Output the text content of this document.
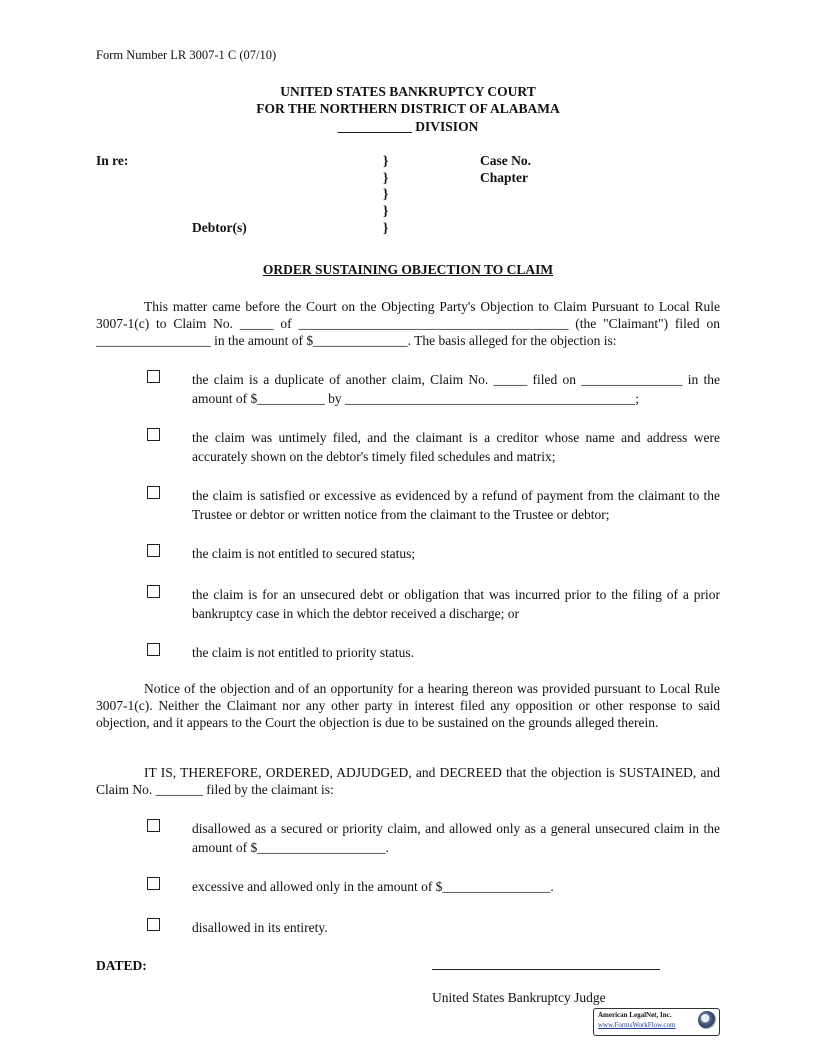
Form Number LR 3007-1 C (07/10)
UNITED STATES BANKRUPTCY COURT
FOR THE NORTHERN DISTRICT OF ALABAMA
___________ DIVISION
In re:
Debtor(s)
}
}
}
}
}
Case No.
Chapter
ORDER SUSTAINING OBJECTION TO CLAIM
This matter came before the Court on the Objecting Party's Objection to Claim Pursuant to Local Rule 3007-1(c) to Claim No. _____ of ________________________________________ (the "Claimant") filed on _________________ in the amount of $______________. The basis alleged for the objection is:
the claim is a duplicate of another claim, Claim No. _____ filed on _______________ in the amount of $__________ by ___________________________________________;
the claim was untimely filed, and the claimant is a creditor whose name and address were accurately shown on the debtor's timely filed schedules and matrix;
the claim is satisfied or excessive as evidenced by a refund of payment from the claimant to the Trustee or debtor or written notice from the claimant to the Trustee or debtor;
the claim is not entitled to secured status;
the claim is for an unsecured debt or obligation that was incurred prior to the filing of a prior bankruptcy case in which the debtor received a discharge; or
the claim is not entitled to priority status.
Notice of the objection and of an opportunity for a hearing thereon was provided pursuant to Local Rule 3007-1(c). Neither the Claimant nor any other party in interest filed any opposition or other response to said objection, and it appears to the Court the objection is due to be sustained on the grounds alleged therein.
IT IS, THEREFORE, ORDERED, ADJUDGED, and DECREED that the objection is SUSTAINED, and Claim No. _______ filed by the claimant is:
disallowed as a secured or priority claim, and allowed only as a general unsecured claim in the amount of $___________________.
excessive and allowed only in the amount of $________________.
disallowed in its entirety.
DATED:
United States Bankruptcy Judge
American LegalNet, Inc.
www.FormsWorkFlow.com
